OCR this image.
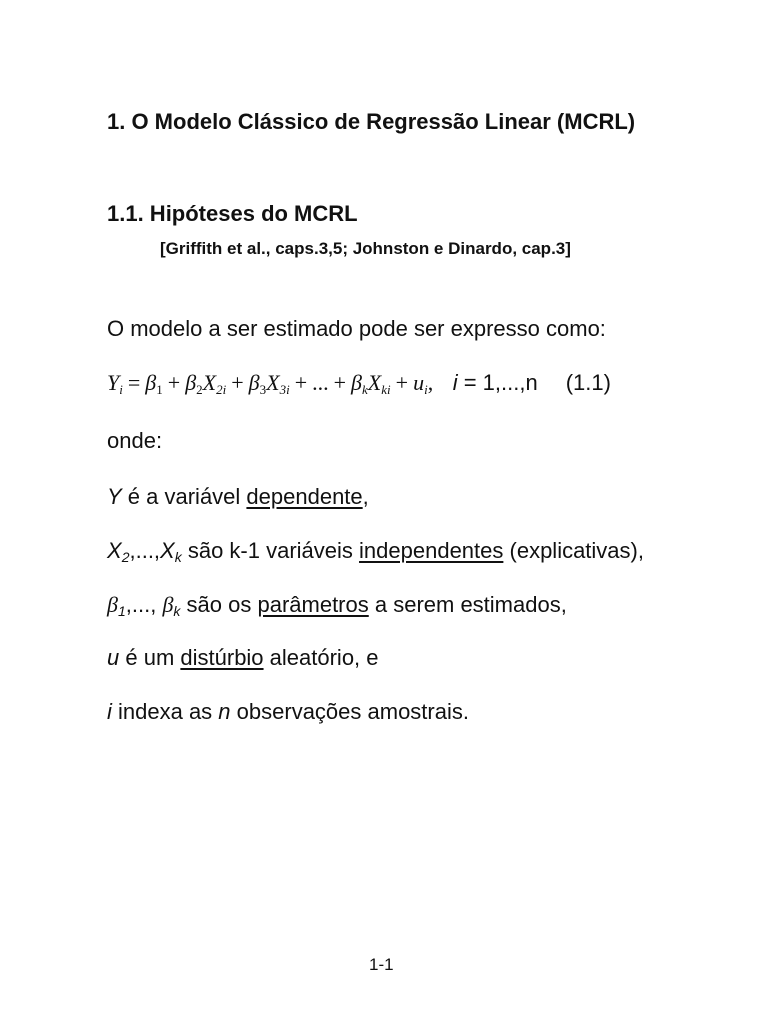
1. O Modelo Clássico de Regressão Linear (MCRL)
1.1. Hipóteses do MCRL
[Griffith et al., caps.3,5; Johnston e Dinardo, cap.3]
O modelo a ser estimado pode ser expresso como:
$Y_i = \beta_1 + \beta_2X_{2i} + \beta_3X_{3i}$ + ... + $\beta_kX_{ki} + u_i$, i = 1,...,n (1.1)
onde:
Y é a variável dependente,
$X_2,...,X_k$ são k-1 variáveis independentes (explicativas),
$\beta_1$,..., $\beta_k$ são os parâmetros a serem estimados,
u é um distúrbio aleatório, e
i indexa as n observações amostrais.
1-1
